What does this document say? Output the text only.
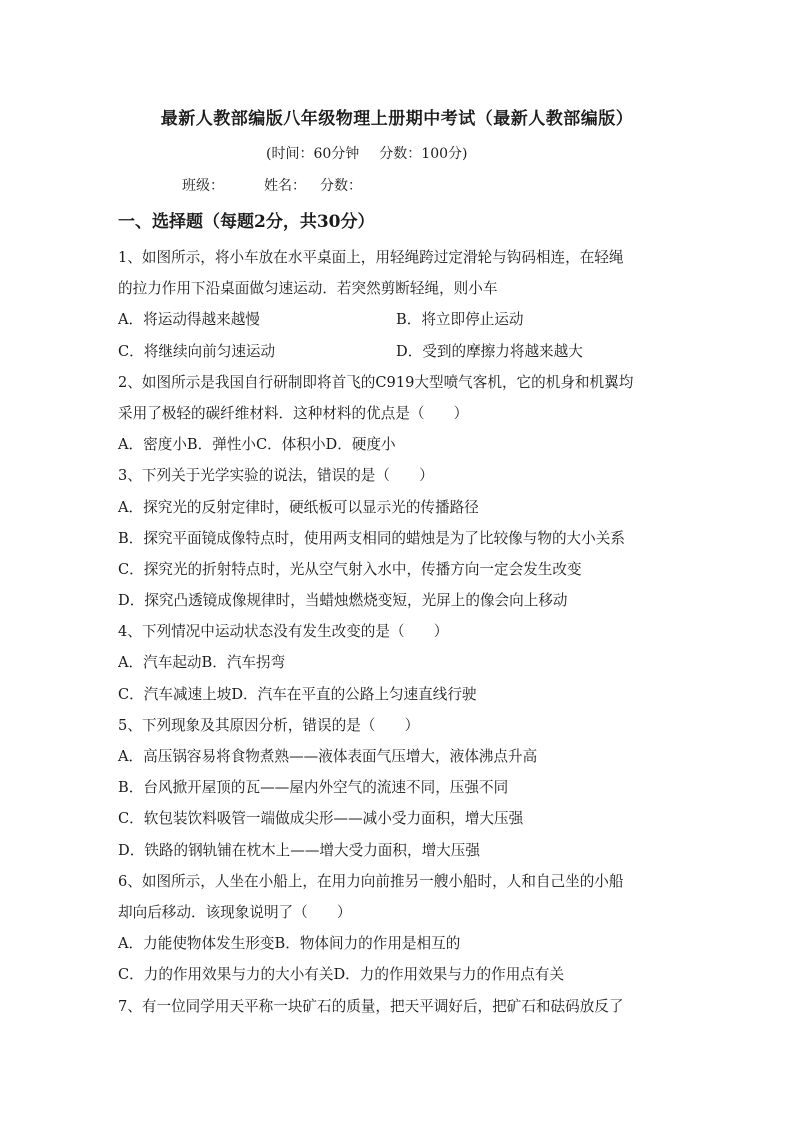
最新人教部编版八年级物理上册期中考试（最新人教部编版）
(时间：60分钟 分数：100分)
班级：	姓名： 分数：
一、选择题（每题2分，共30分）
1、如图所示，将小车放在水平桌面上，用轻绳跨过定滑轮与钩码相连，在轻绳
的拉力作用下沿桌面做匀速运动．若突然剪断轻绳，则小车
A．将运动得越来越慢	B．将立即停止运动
C．将继续向前匀速运动	D．受到的摩擦力将越来越大
2、如图所示是我国自行研制即将首飞的C919大型喷气客机，它的机身和机翼均
采用了极轻的碳纤维材料．这种材料的优点是（　　）
A．密度小B．弹性小C．体积小D．硬度小
3、下列关于光学实验的说法，错误的是（　　）
A．探究光的反射定律时，硬纸板可以显示光的传播路径
B．探究平面镜成像特点时，使用两支相同的蜡烛是为了比较像与物的大小关系
C．探究光的折射特点时，光从空气射入水中，传播方向一定会发生改变
D．探究凸透镜成像规律时，当蜡烛燃烧变短，光屏上的像会向上移动
4、下列情况中运动状态没有发生改变的是（　　）
A．汽车起动B．汽车拐弯
C．汽车减速上坡D．汽车在平直的公路上匀速直线行驶
5、下列现象及其原因分析，错误的是（　　）
A．高压锅容易将食物煮熟——液体表面气压增大，液体沸点升高
B．台风掀开屋顶的瓦——屋内外空气的流速不同，压强不同
C．软包装饮料吸管一端做成尖形——减小受力面积，增大压强
D．铁路的钢轨铺在枕木上——增大受力面积，增大压强
6、如图所示，人坐在小船上，在用力向前推另一艘小船时，人和自己坐的小船
却向后移动．该现象说明了（　　）
A．力能使物体发生形变B．物体间力的作用是相互的
C．力的作用效果与力的大小有关D．力的作用效果与力的作用点有关
7、有一位同学用天平称一块矿石的质量，把天平调好后，把矿石和砝码放反了
